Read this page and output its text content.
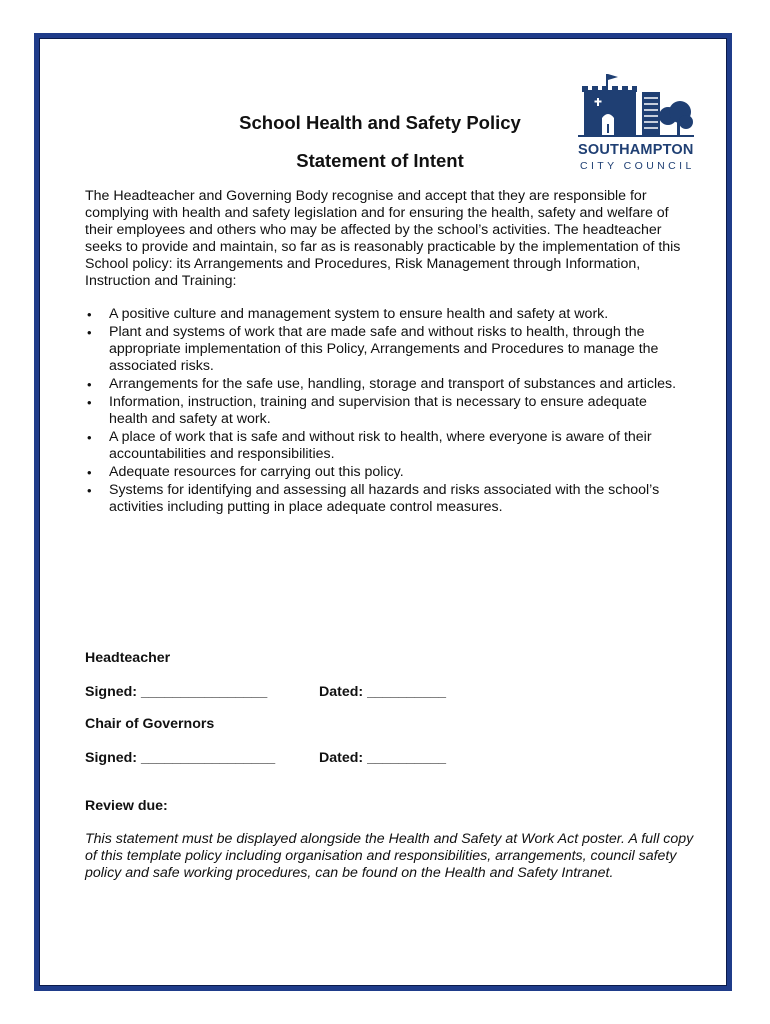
School Health and Safety Policy
Statement of Intent	SOUTHAMPTON
CITY COUNCIL

The Headteacher and Governing Body recognise and accept that they are responsible for complying with health and safety legislation and for ensuring the health, safety and welfare of their employees and others who may be affected by the school’s activities. The headteacher seeks to provide and maintain, so far as is reasonably practicable by the implementation of this School policy: its Arrangements and Procedures, Risk Management through Information, Instruction and Training:

• A positive culture and management system to ensure health and safety at work.
• Plant and systems of work that are made safe and without risks to health, through the appropriate implementation of this Policy, Arrangements and Procedures to manage the associated risks.
• Arrangements for the safe use, handling, storage and transport of substances and articles.
• Information, instruction, training and supervision that is necessary to ensure adequate health and safety at work.
• A place of work that is safe and without risk to health, where everyone is aware of their accountabilities and responsibilities.
• Adequate resources for carrying out this policy.
• Systems for identifying and assessing all hazards and risks associated with the school’s activities including putting in place adequate control measures.
Headteacher
Signed: ________________	Dated: __________
Chair of Governors
Signed: _________________	Dated: __________
Review due:

This statement must be displayed alongside the Health and Safety at Work Act poster. A full copy of this template policy including organisation and responsibilities, arrangements, council safety policy and safe working procedures, can be found on the Health and Safety Intranet.
